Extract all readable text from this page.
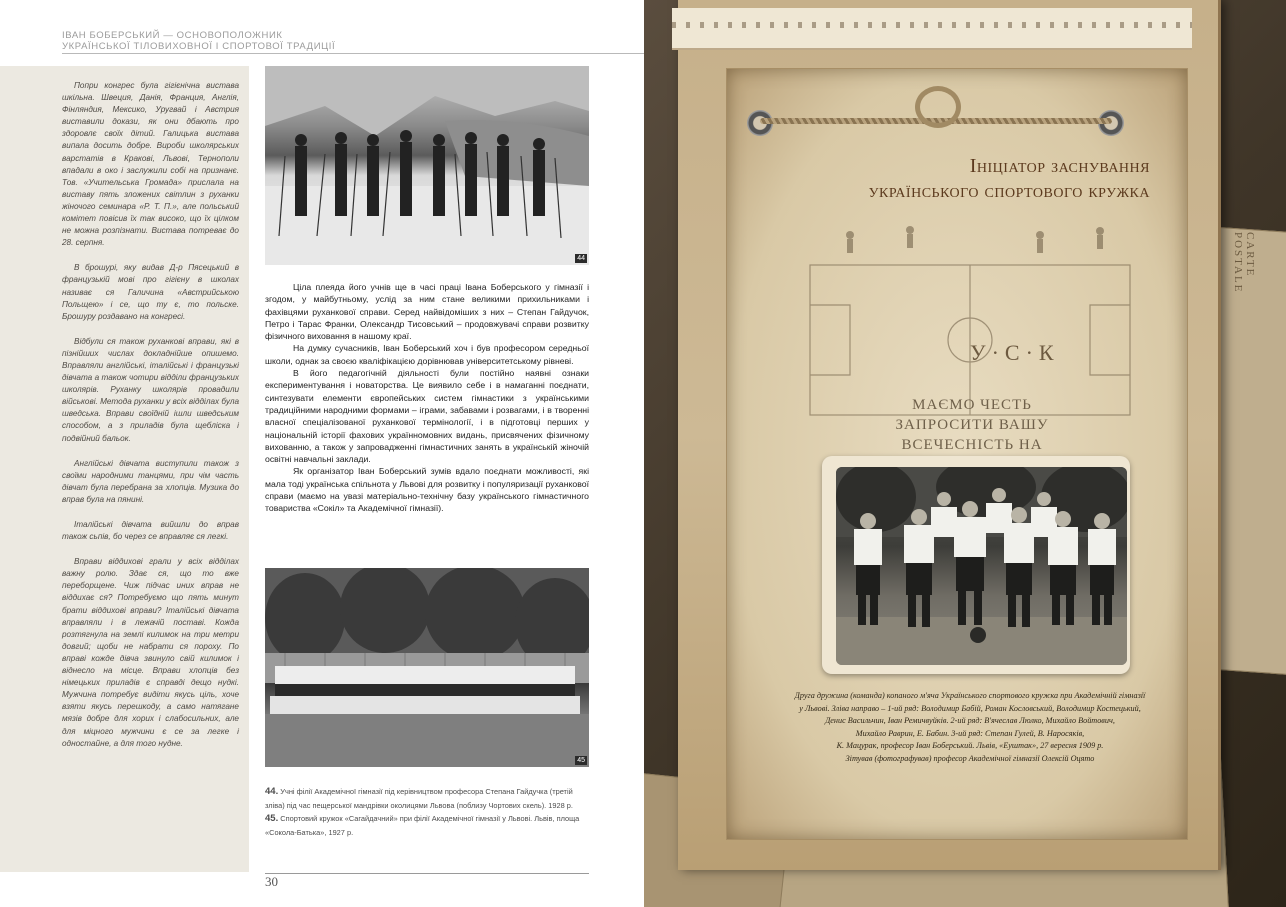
ІВАН БОБЕРСЬКИЙ — ОСНОВОПОЛОЖНИК
УКРАЇНСЬКОЇ ТІЛОВИХОВНОЇ І СПОРТОВОЇ ТРАДИЦІЇ

Попри конгрес була гігієнічна вистава шкільна. Швеция, Данія, Франция, Англія, Фінляндия, Мексико, Уругвай і Австрия виставили докази, як они дбають про здоровлє своїх дітий. Галицька вистава випала досить добре. Вироби школярських варстатів в Кракові, Львові, Тернополи впадали в око і заслужили собі на признанє. Тов. «Учительська Громада» прислала на виставу пять зложених світлин з руханки жіночого семинара «Р. Т. П.», але польський комітет повісив їх так високо, що їх цілком не можна розпізнати. Вистава потреває до 28. серпня.

В брошурі, яку видав Д-р Пясецький в французькій мові про гігієну в школах називає ся Галичина «Австрийською Польщею» і се, що ту є, то польске. Брошуру роздавано на конгресі.

Відбули ся також руханкові вправи, які в пізнійших числах докладнійше опишемо. Вправляли англійські, італійські і французькі дівчата а також чотири відділи французьких школярів. Руханку школярів провадили військові. Метода руханки у всіх відділах була шведська. Вправи своїдній ішли шведським способом, а з приладів була щебліска і подвійний бальок.

Англійські дівчата виступили також з своїми народними танцями, при чім часть дівчат була перебрана за хлопців. Музика до вправ була на пянині.

Італійські дівчата вийшли до вправ також сьпів, бо через се вправляє ся легкі.

Вправи віддихові грали у всіх відділах важну ролю. Здає ся, що то вже переборщене. Чиж підчас иних вправ не віддихає ся? Потребуємо що пять минут брати віддихові вправи? Італійські дівчата вправляли і в лежачій поставі. Кожда розтягнула на землі килимок на три метри довгий; щоби не набрати ся пороху. По вправі кожде дівча звинуло свій килимок і віднесло на місце. Вправи хлопців без німецьких приладів є справді дещо нудкі. Мужчина потребує видіти якусь ціль, хоче взяти якусь перешкоду, а само натягане мязів добре для хорих і слабосильних, але для міцного мужчини є се за легке і одностайне, а для того нудне.

44

Ціла плеяда його учнів ще в часі праці Івана Боберського у гімназії і згодом, у майбутньому, услід за ним стане великими прихильниками і фахівцями руханкової справи. Серед найвідоміших з них – Степан Гайдучок, Петро і Тарас Франки, Олександр Тисовський – продовжувачі справи розвитку фізичного виховання в нашому краї.

На думку сучасників, Іван Боберський хоч і був професором середньої школи, однак за своєю кваліфікацією дорівнював університетському рівневі.

В його педагогічній діяльності були постійно наявні ознаки експериментування і новаторства. Це виявило себе і в намаганні поєднати, синтезувати елементи європейських систем гімнастики з українськими традиційними народними формами – іграми, забавами і розвагами, і в творенні власної спеціалізованої руханкової термінології, і в підготовці перших у національній історії фахових українномовних видань, присвячених фізичному вихованню, а також у запровадженні гімнастичних занять в українській жіночій освітні навчальні заклади.

Як організатор Іван Боберський зумів вдало поєднати можливості, які мала тоді українська спільнота у Львові для розвитку і популяризації руханкової справи (маємо на увазі матеріально-технічну базу українського гімнастичного товариства «Сокіл» та Академічної гімназії).

45

44. Учні філії Академічної гімназії під керівництвом професора Степана Гайдучка (третій зліва) під час пещерської мандрівки околицями Львова (поблизу Чортових скель). 1928 р.

45. Спортовий кружок «Сагайдачний» при філії Академічної гімназії у Львові. Львів, площа «Сокола-Батька», 1927 р.

30
CARTE POSTALE
Ініціатор заснування
українського спортового кружка
У·С·К
МАЄМО ЧЕСТЬ ЗАПРОСИТИ ВАШУ ВСЕЧЕСНІСТЬ НА

Друга дружина (команда) копаного м'яча Українського спортового кружка при Академічній гімназії

у Львові. Зліва направо – 1-ий ряд: Володимир Бабій, Роман Кословський, Володимир Костецький,

Денис Васильчин, Іван Ремичвуйків. 2-ий ряд: В'ячеслав Люлко, Михайло Войтович,

Михайло Раврин, Е. Бабин. 3-ий ряд: Степан Гулей, В. Наросяків,

К. Мацурак, професор Іван Боберський. Львів, «Еуштак», 27 вересня 1909 р.

Зітував (фотографував) професор Академічної гімназії Олексій Оцято
